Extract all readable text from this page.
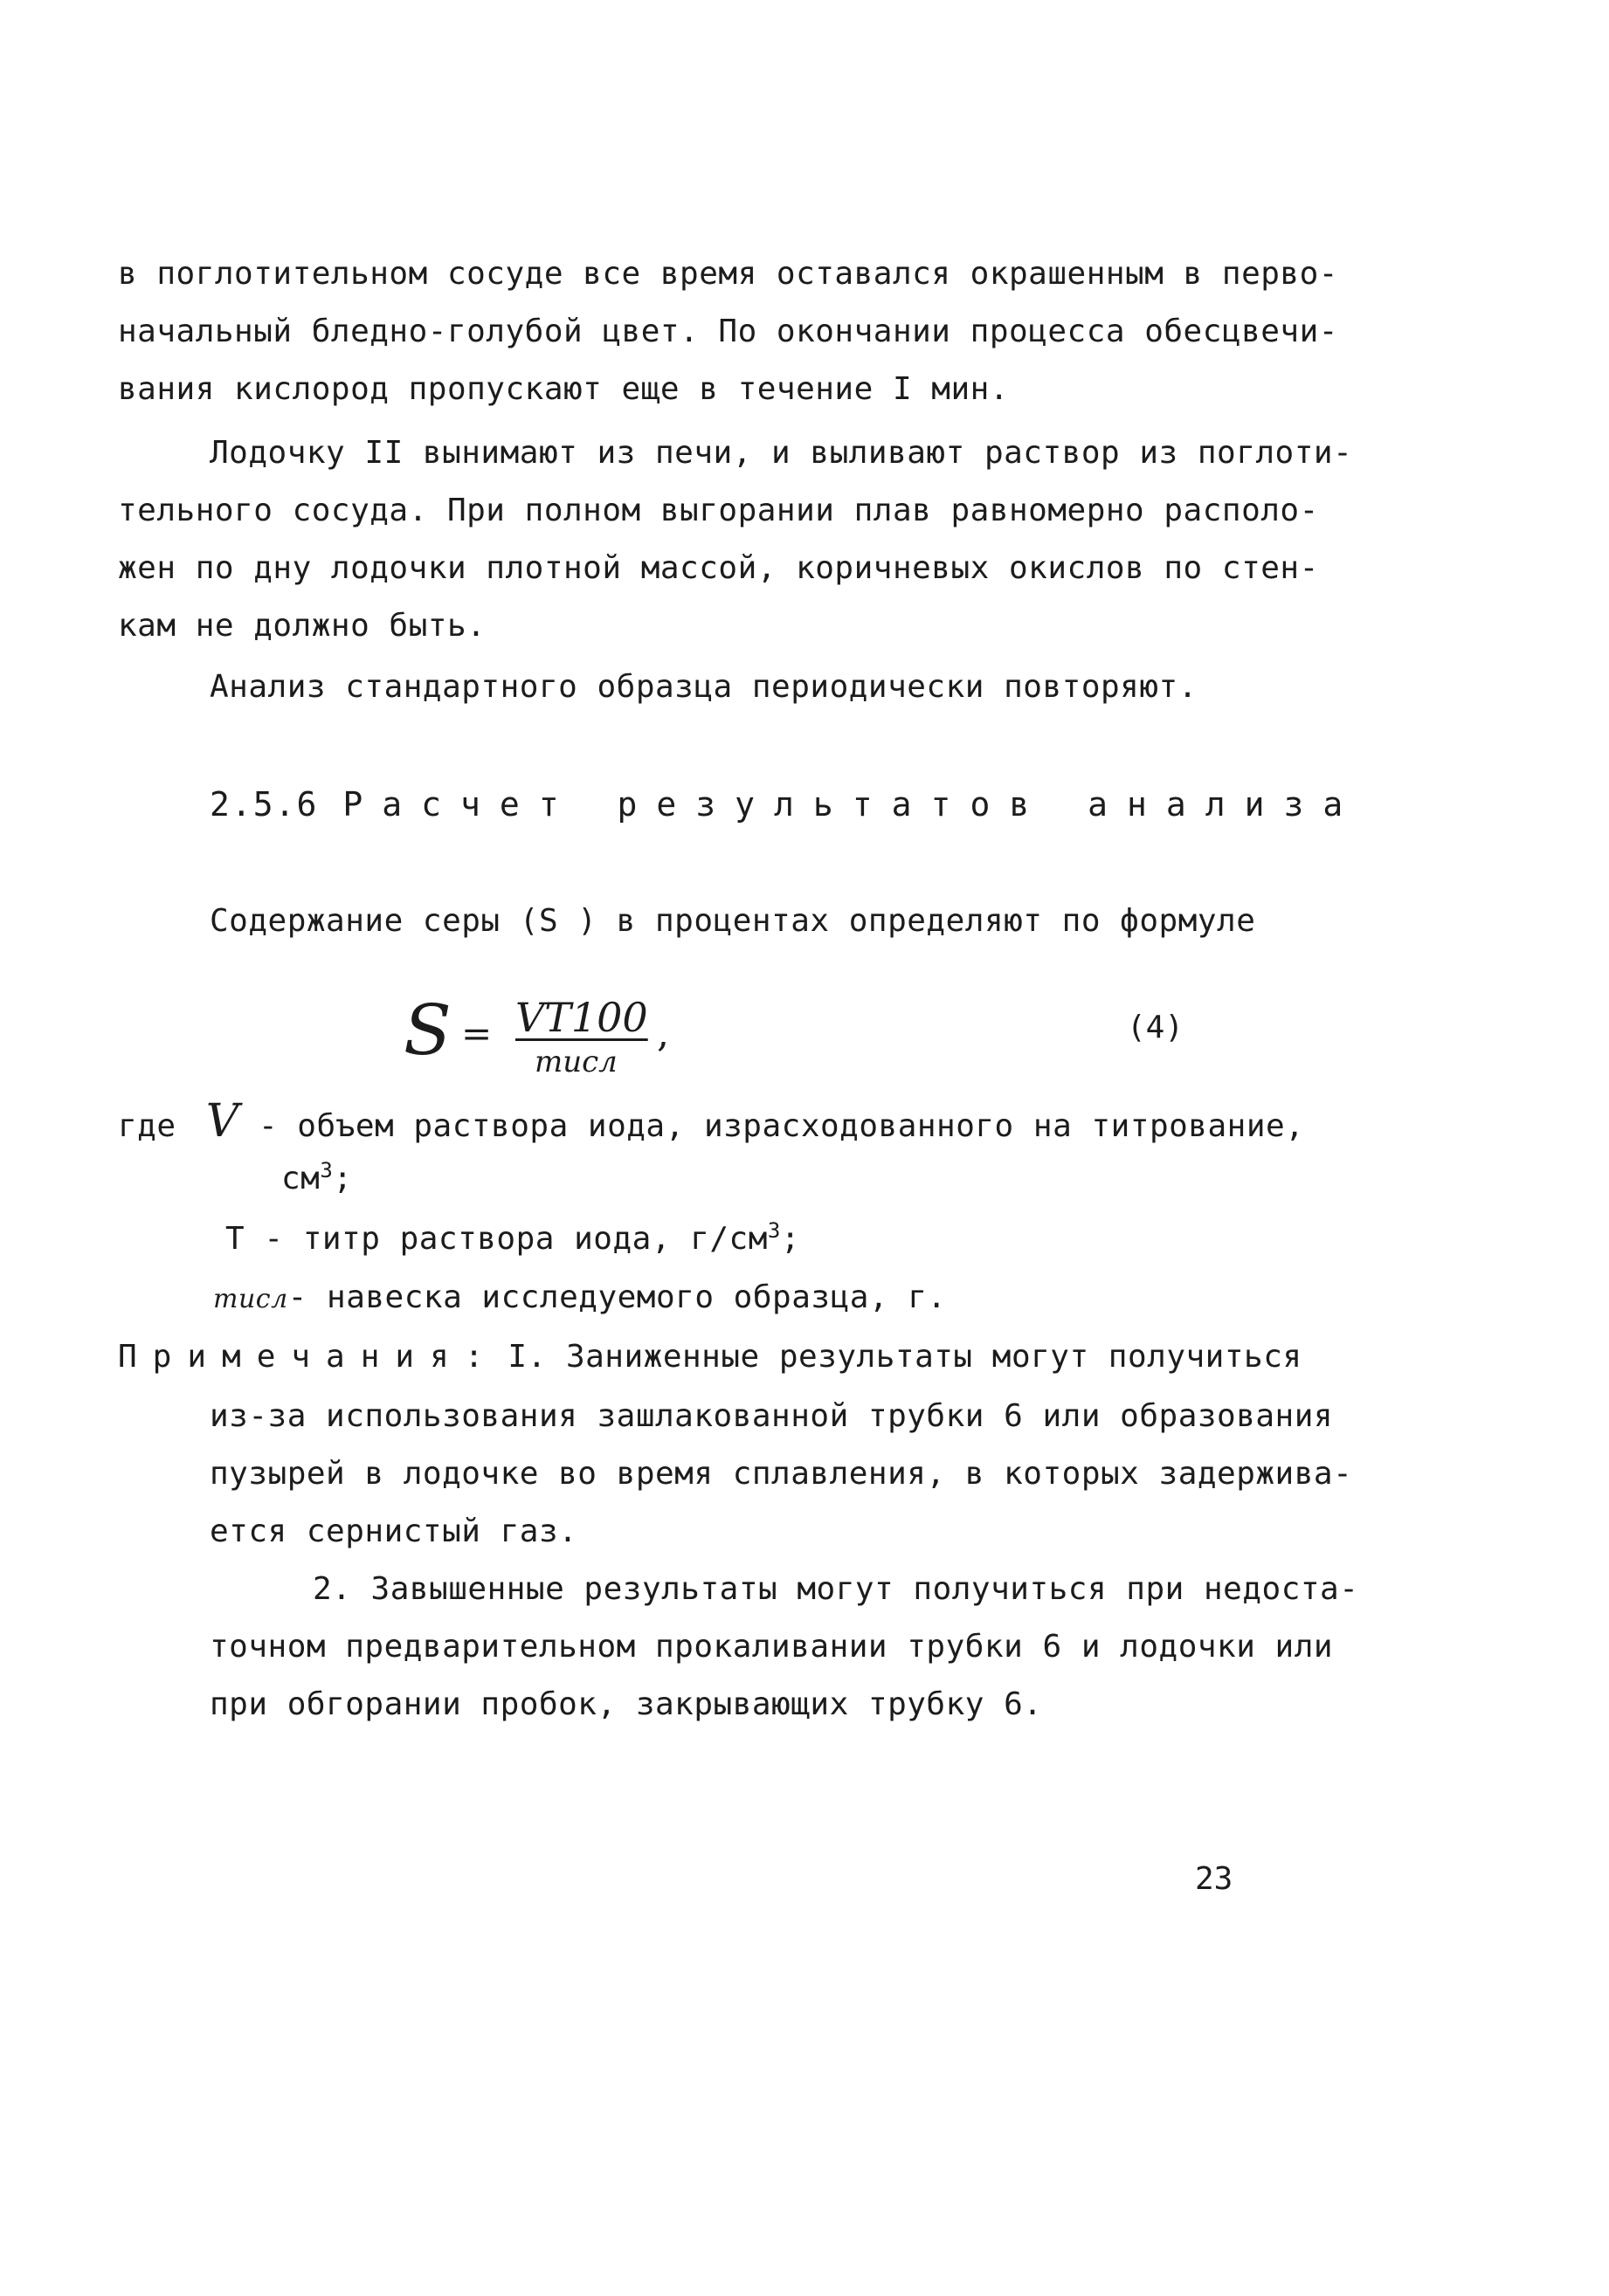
в поглотительном сосуде все время оставался окрашенным в перво-
начальный бледно-голубой цвет. По окончании процесса обесцвечи-
вания кислород пропускают еще в течение I мин.
Лодочку II вынимают из печи, и выливают раствор из поглоти-
тельного сосуда. При полном выгорании плав равномерно располо-
жен по дну лодочки плотной массой, коричневых окислов по стен-
кам не должно быть.
Анализ стандартного образца периодически повторяют.
2.5.6 Расчет результатов анализа
Содержание серы (S ) в процентах определяют по формуле
S = VT100
mиcл
,	(4)
где V - объем раствора иода, израсходованного на титрование,
$см^3$;
Т - титр раствора иода, $г/см^3$;
mиcл- навеска исследуемого образца, г.
Примечания: I. Заниженные результаты могут получиться
из-за использования зашлакованной трубки 6 или образования
пузырей в лодочке во время сплавления, в которых задержива-
ется сернистый газ.
2. Завышенные результаты могут получиться при недоста-
точном предварительном прокаливании трубки 6 и лодочки или
при обгорании пробок, закрывающих трубку 6.
23
